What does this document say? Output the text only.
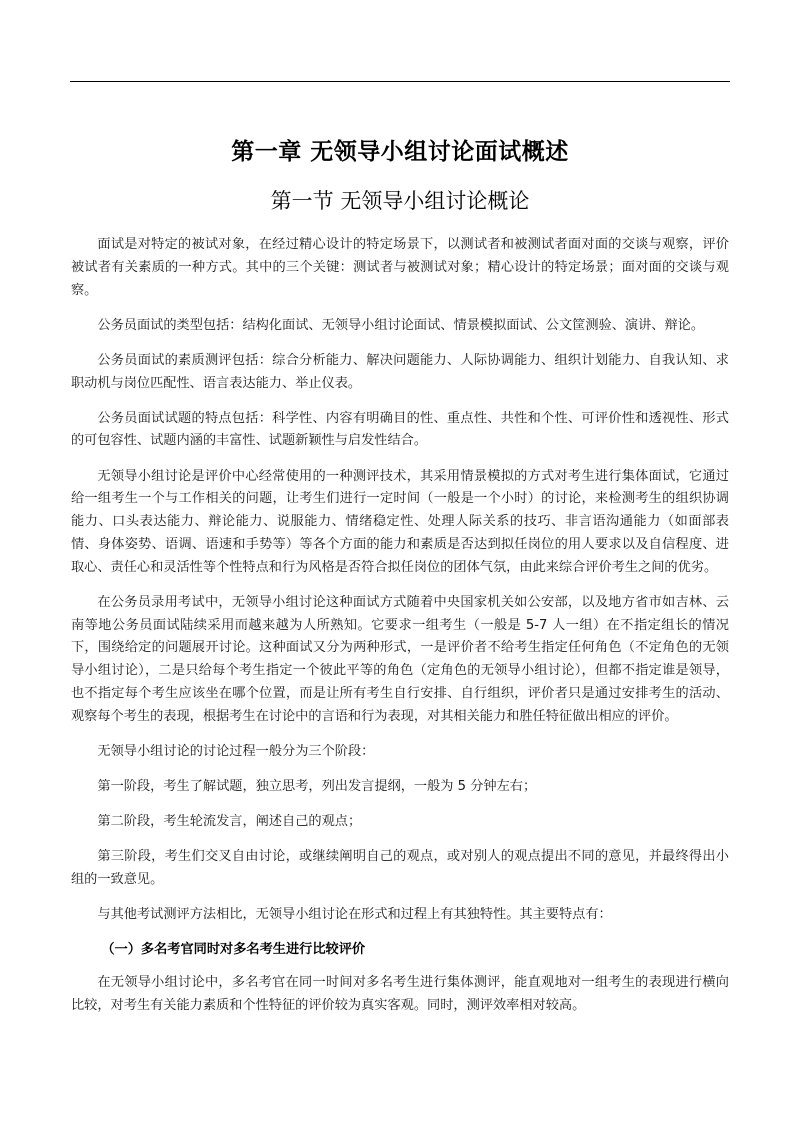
第一章 无领导小组讨论面试概述
第一节 无领导小组讨论概论

面试是对特定的被试对象，在经过精心设计的特定场景下，以测试者和被测试者面对面的交谈与观察，评价被试者有关素质的一种方式。其中的三个关键：测试者与被测试对象；精心设计的特定场景；面对面的交谈与观察。

公务员面试的类型包括：结构化面试、无领导小组讨论面试、情景模拟面试、公文筐测验、演讲、辩论。

公务员面试的素质测评包括：综合分析能力、解决问题能力、人际协调能力、组织计划能力、自我认知、求职动机与岗位匹配性、语言表达能力、举止仪表。

公务员面试试题的特点包括：科学性、内容有明确目的性、重点性、共性和个性、可评价性和透视性、形式的可包容性、试题内涵的丰富性、试题新颖性与启发性结合。

无领导小组讨论是评价中心经常使用的一种测评技术，其采用情景模拟的方式对考生进行集体面试，它通过给一组考生一个与工作相关的问题，让考生们进行一定时间（一般是一个小时）的讨论，来检测考生的组织协调能力、口头表达能力、辩论能力、说服能力、情绪稳定性、处理人际关系的技巧、非言语沟通能力（如面部表情、身体姿势、语调、语速和手势等）等各个方面的能力和素质是否达到拟任岗位的用人要求以及自信程度、进取心、责任心和灵活性等个性特点和行为风格是否符合拟任岗位的团体气氛，由此来综合评价考生之间的优劣。

在公务员录用考试中，无领导小组讨论这种面试方式随着中央国家机关如公安部，以及地方省市如吉林、云南等地公务员面试陆续采用而越来越为人所熟知。它要求一组考生（一般是 5-7 人一组）在不指定组长的情况下，围绕给定的问题展开讨论。这种面试又分为两种形式，一是评价者不给考生指定任何角色（不定角色的无领导小组讨论），二是只给每个考生指定一个彼此平等的角色（定角色的无领导小组讨论），但都不指定谁是领导，也不指定每个考生应该坐在哪个位置，而是让所有考生自行安排、自行组织，评价者只是通过安排考生的活动、观察每个考生的表现，根据考生在讨论中的言语和行为表现，对其相关能力和胜任特征做出相应的评价。

无领导小组讨论的讨论过程一般分为三个阶段：

第一阶段，考生了解试题，独立思考，列出发言提纲，一般为 5 分钟左右；

第二阶段，考生轮流发言，阐述自己的观点；

第三阶段，考生们交叉自由讨论，或继续阐明自己的观点，或对别人的观点提出不同的意见，并最终得出小组的一致意见。

与其他考试测评方法相比，无领导小组讨论在形式和过程上有其独特性。其主要特点有：

（一）多名考官同时对多名考生进行比较评价

在无领导小组讨论中，多名考官在同一时间对多名考生进行集体测评，能直观地对一组考生的表现进行横向比较，对考生有关能力素质和个性特征的评价较为真实客观。同时，测评效率相对较高。
